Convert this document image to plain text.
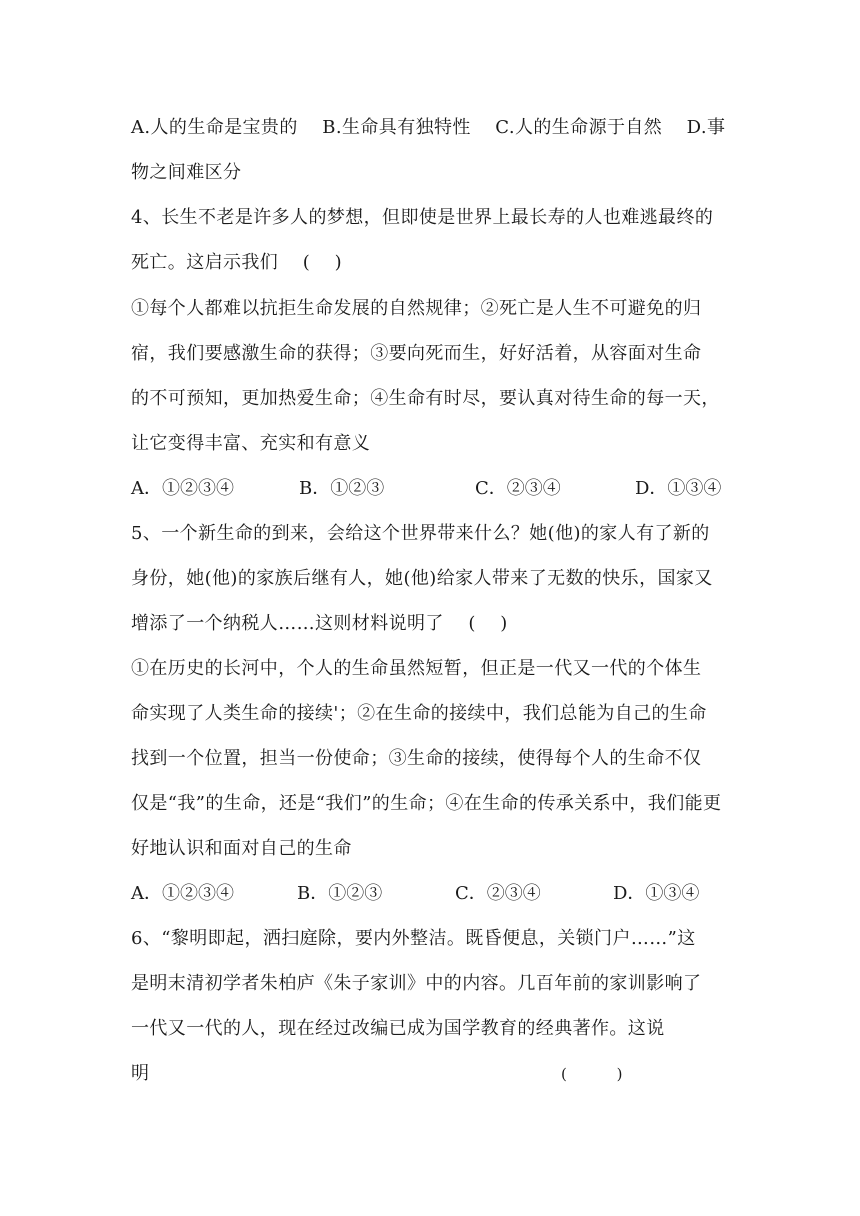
A.人的生命是宝贵的　 B.生命具有独特性　 C.人的生命源于自然　 D.事
物之间难区分
4、长生不老是许多人的梦想，但即使是世界上最长寿的人也难逃最终的
死亡。这启示我们　 (　 )
①每个人都难以抗拒生命发展的自然规律；②死亡是人生不可避免的归
宿，我们要感激生命的获得；③要向死而生，好好活着，从容面对生命
的不可预知，更加热爱生命；④生命有时尽，要认真对待生命的每一天，
让它变得丰富、充实和有意义
A．①②③④	B．①②③	C．②③④	D．①③④
5、一个新生命的到来，会给这个世界带来什么？她(他)的家人有了新的
身份，她(他)的家族后继有人，她(他)给家人带来了无数的快乐，国家又
增添了一个纳税人……这则材料说明了　 (　 )
①在历史的长河中，个人的生命虽然短暂，但正是一代又一代的个体生
命实现了人类生命的接续'；②在生命的接续中，我们总能为自己的生命
找到一个位置，担当一份使命；③生命的接续，使得每个人的生命不仅
仅是“我”的生命，还是“我们”的生命；④在生命的传承关系中，我们能更
好地认识和面对自己的生命
A．①②③④	B．①②③	C．②③④	D．①③④
6、“黎明即起，洒扫庭除，要内外整洁。既昏便息，关锁门户……”这
是明末清初学者朱柏庐《朱子家训》中的内容。几百年前的家训影响了
一代又一代的人，现在经过改编已成为国学教育的经典著作。这说
明	(　　　 )
